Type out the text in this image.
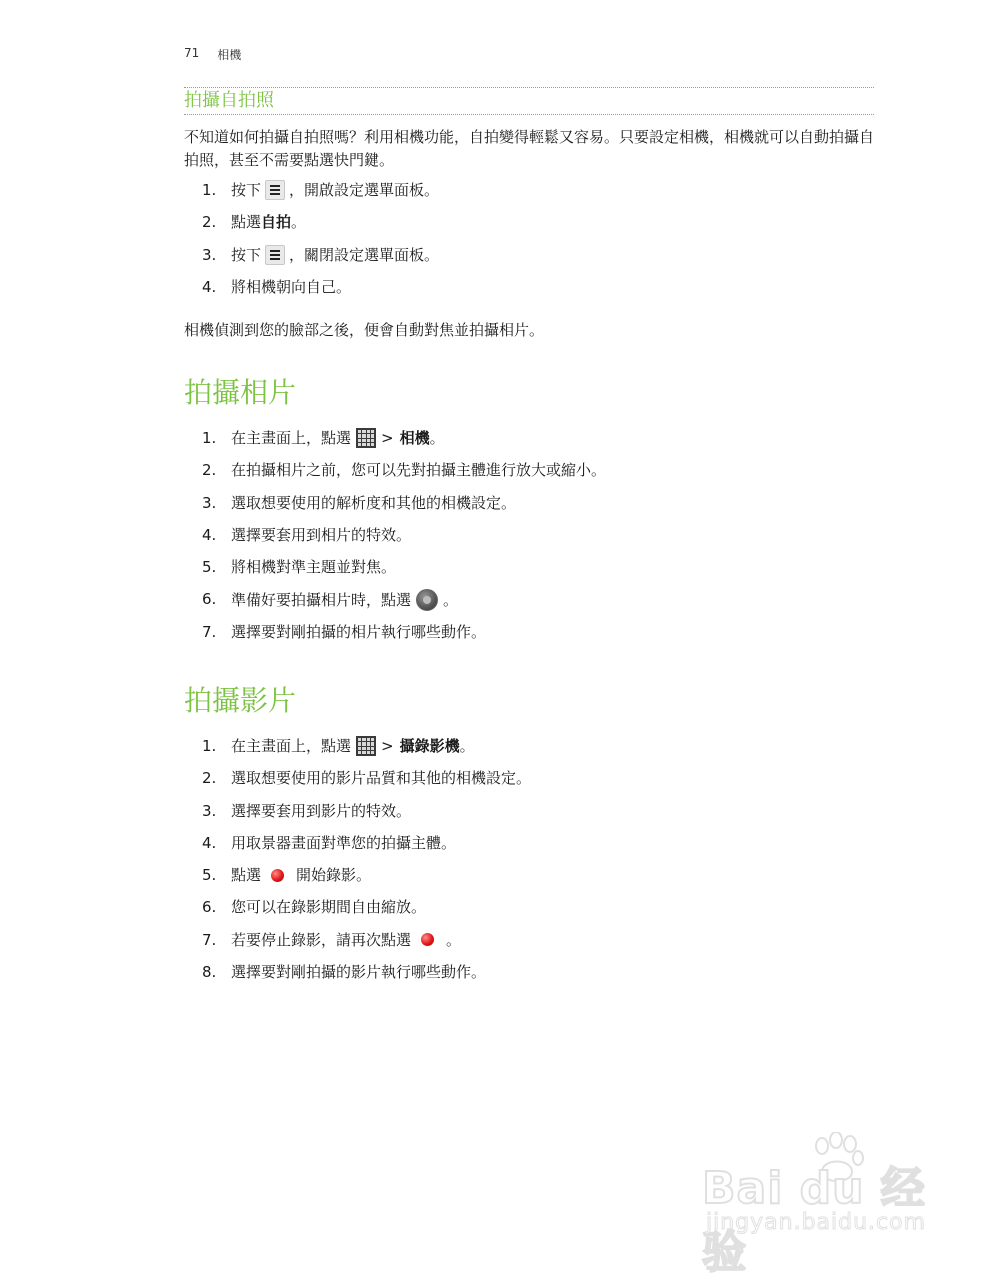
71 相機
拍攝自拍照
不知道如何拍攝自拍照嗎？利用相機功能，自拍變得輕鬆又容易。只要設定相機，相機就可以自動拍攝自拍照，甚至不需要點選快門鍵。
1. 按下 ，開啟設定選單面板。
2. 點選 自拍 。
3. 按下 ，關閉設定選單面板。
4. 將相機朝向自己。
相機偵測到您的臉部之後，便會自動對焦並拍攝相片。
拍攝相片
1. 在主畫面上，點選 > 相機 。
2. 在拍攝相片之前，您可以先對拍攝主體進行放大或縮小。
3. 選取想要使用的解析度和其他的相機設定。
4. 選擇要套用到相片的特效。
5. 將相機對準主題並對焦。
6. 準備好要拍攝相片時，點選 。
7. 選擇要對剛拍攝的相片執行哪些動作。
拍攝影片
1. 在主畫面上，點選 > 攝錄影機 。
2. 選取想要使用的影片品質和其他的相機設定。
3. 選擇要套用到影片的特效。
4. 用取景器畫面對準您的拍攝主體。
5. 點選 開始錄影。
6. 您可以在錄影期間自由縮放。
7. 若要停止錄影，請再次點選 。
8. 選擇要對剛拍攝的影片執行哪些動作。
Bai du 经验
jingyan.baidu.com
